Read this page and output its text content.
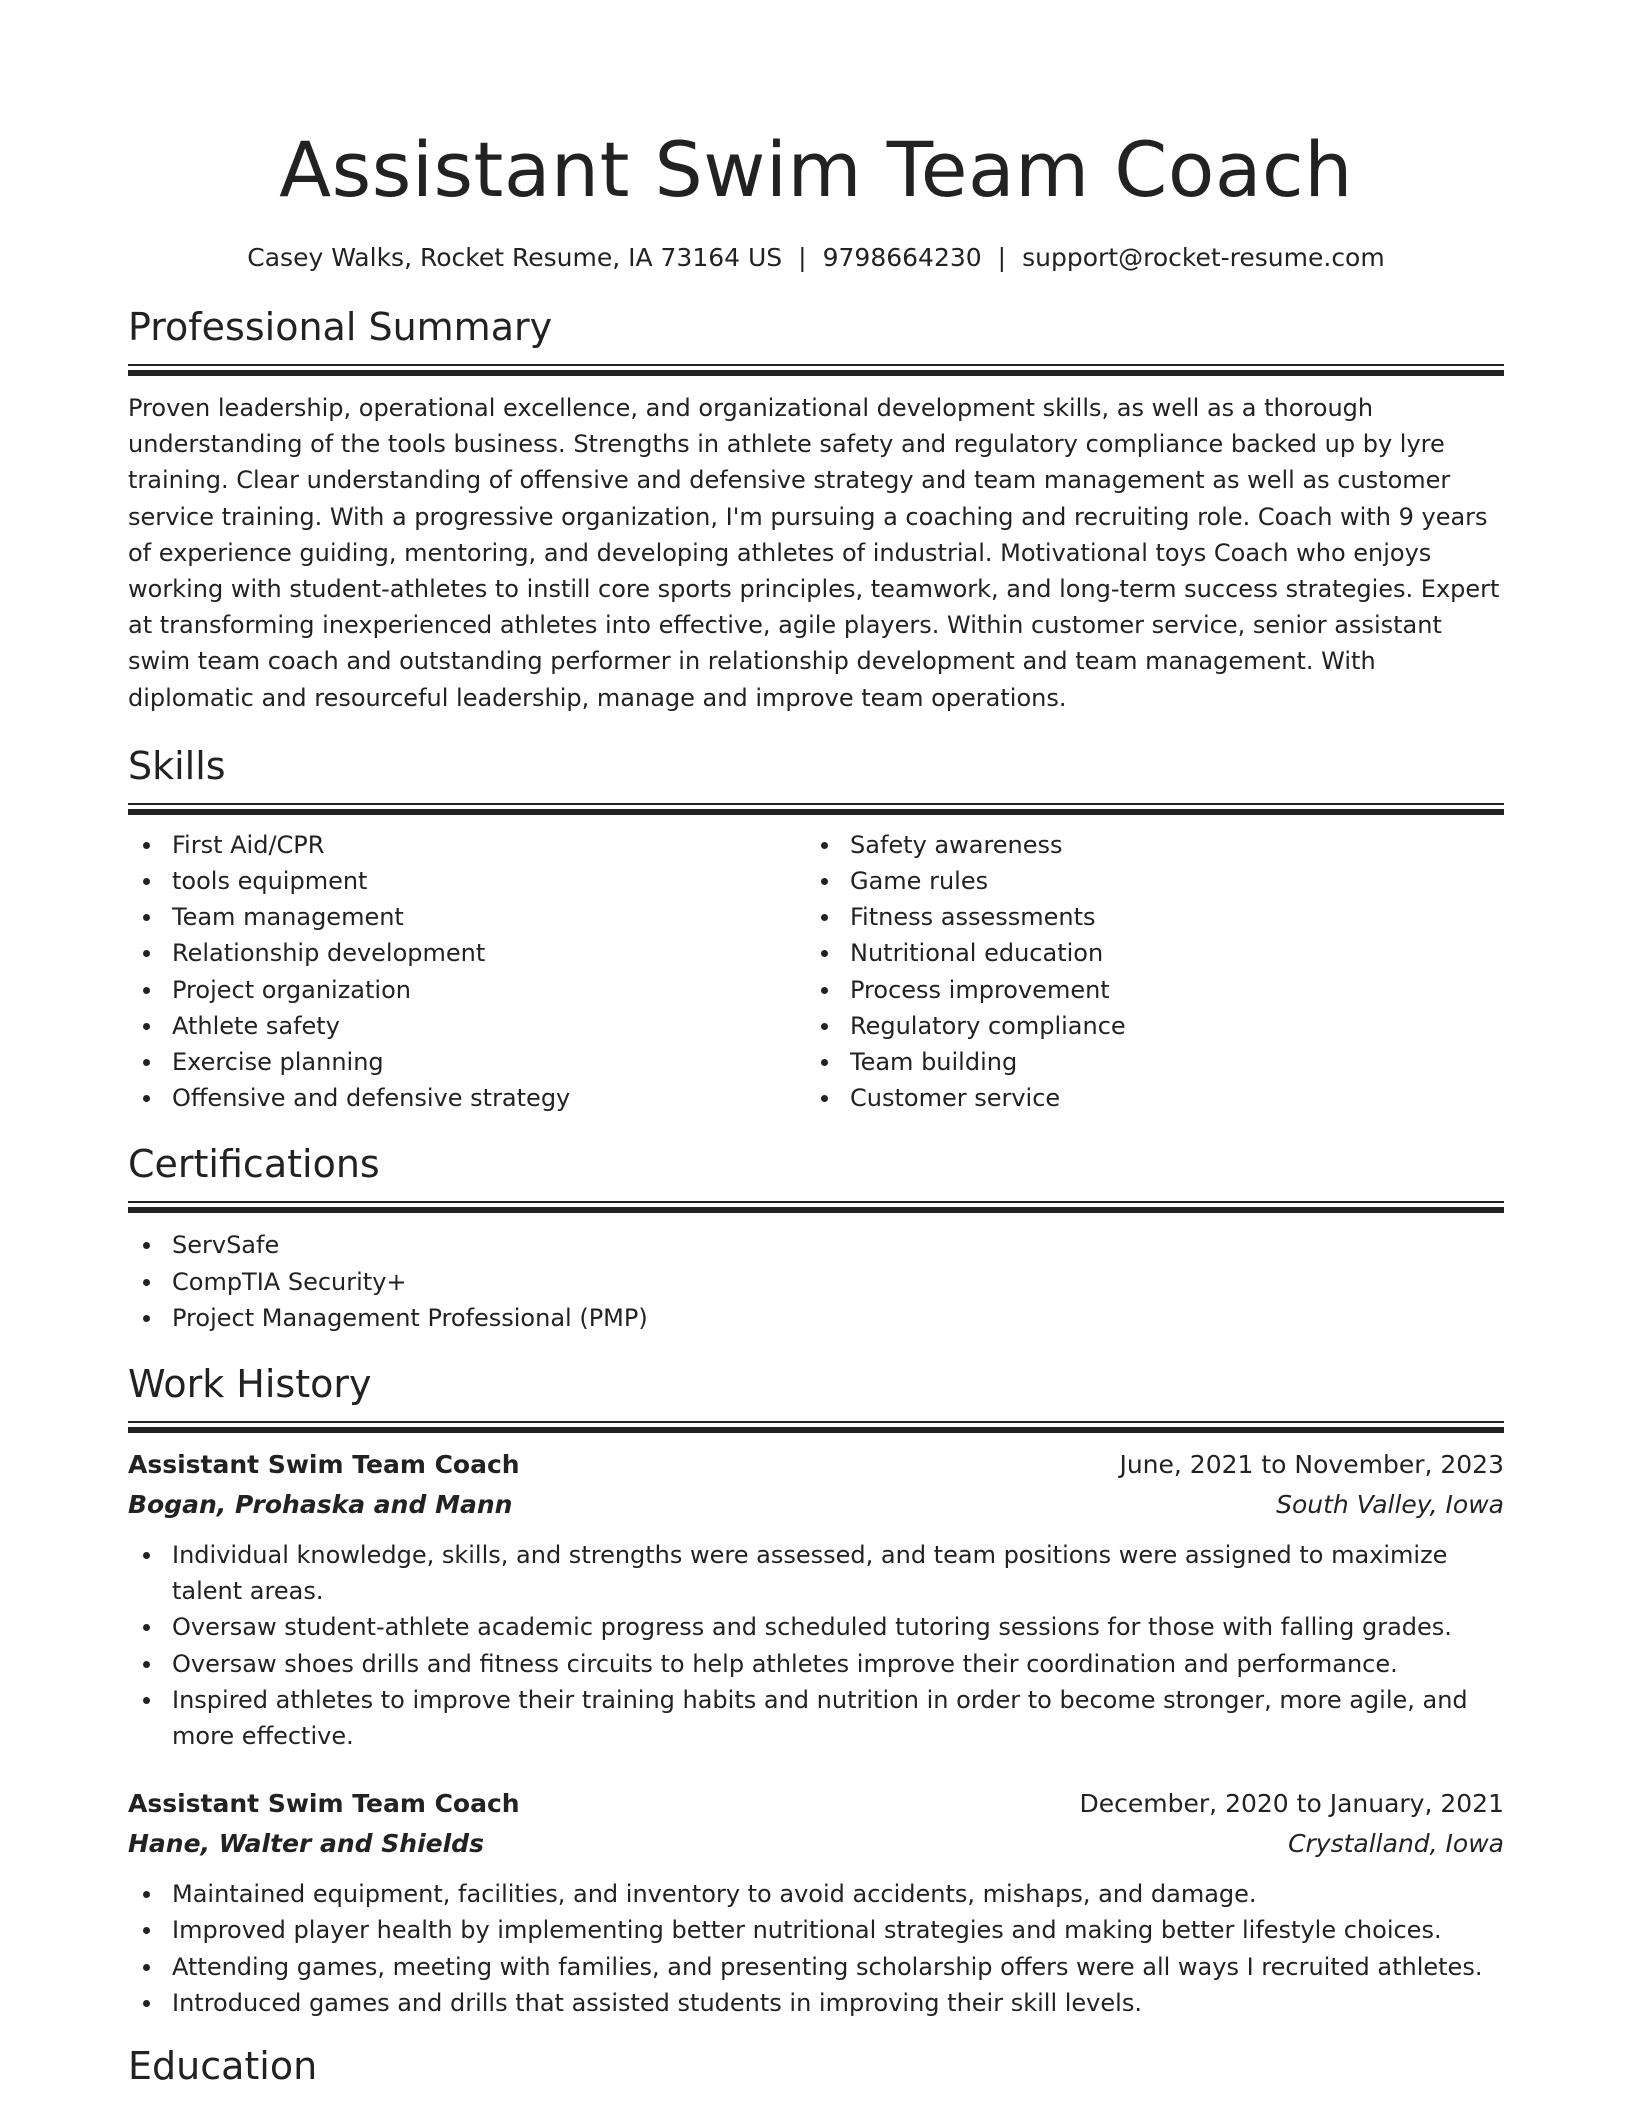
Assistant Swim Team Coach
Casey Walks, Rocket Resume, IA 73164 US | 9798664230 | support@rocket-resume.com
Professional Summary

Proven leadership, operational excellence, and organizational development skills, as well as a thorough understanding of the tools business. Strengths in athlete safety and regulatory compliance backed up by lyre training. Clear understanding of offensive and defensive strategy and team management as well as customer service training. With a progressive organization, I'm pursuing a coaching and recruiting role. Coach with 9 years of experience guiding, mentoring, and developing athletes of industrial. Motivational toys Coach who enjoys working with student-athletes to instill core sports principles, teamwork, and long-term success strategies. Expert at transforming inexperienced athletes into effective, agile players. Within customer service, senior assistant swim team coach and outstanding performer in relationship development and team management. With diplomatic and resourceful leadership, manage and improve team operations.

Skills
First Aid/CPR
tools equipment
Team management
Relationship development
Project organization
Athlete safety
Exercise planning
Offensive and defensive strategy
Safety awareness
Game rules
Fitness assessments
Nutritional education
Process improvement
Regulatory compliance
Team building
Customer service
Certifications
ServSafe
CompTIA Security+
Project Management Professional (PMP)
Work History
Assistant Swim Team Coach	June, 2021 to November, 2023
Bogan, Prohaska and Mann	South Valley, Iowa
Individual knowledge, skills, and strengths were assessed, and team positions were assigned to maximize talent areas.
Oversaw student-athlete academic progress and scheduled tutoring sessions for those with falling grades.
Oversaw shoes drills and fitness circuits to help athletes improve their coordination and performance.
Inspired athletes to improve their training habits and nutrition in order to become stronger, more agile, and more effective.
Assistant Swim Team Coach	December, 2020 to January, 2021
Hane, Walter and Shields	Crystalland, Iowa
Maintained equipment, facilities, and inventory to avoid accidents, mishaps, and damage.
Improved player health by implementing better nutritional strategies and making better lifestyle choices.
Attending games, meeting with families, and presenting scholarship offers were all ways I recruited athletes.
Introduced games and drills that assisted students in improving their skill levels.
Education
